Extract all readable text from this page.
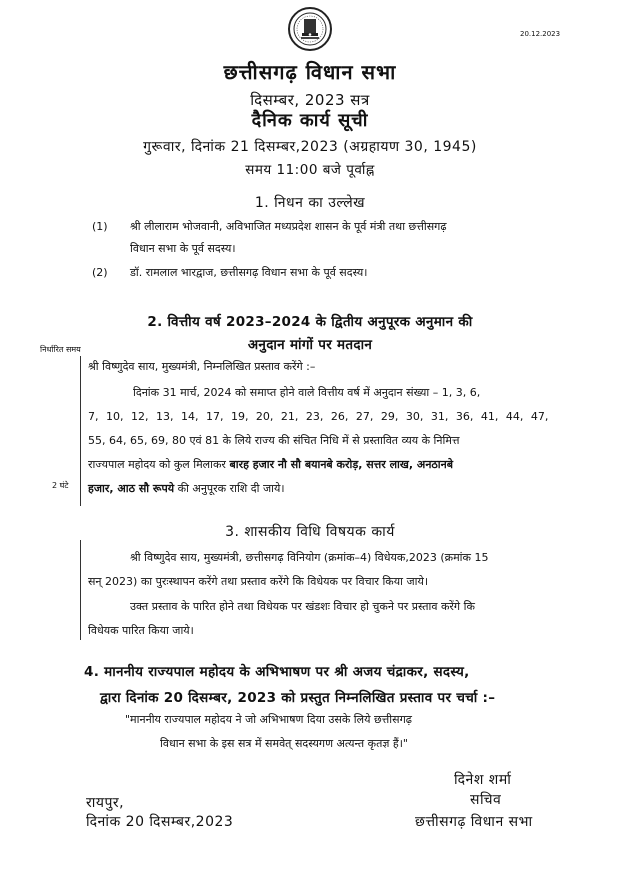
20.12.2023
छत्तीसगढ़ विधान सभा
दिसम्बर, 2023 सत्र
दैनिक कार्य सूची
गुरूवार, दिनांक 21 दिसम्बर,2023 (अग्रहायण 30, 1945)
समय 11:00 बजे पूर्वाह्न
1. निधन का उल्लेख
(1) श्री लीलाराम भोजवानी, अविभाजित मध्यप्रदेश शासन के पूर्व मंत्री तथा छत्तीसगढ़
विधान सभा के पूर्व सदस्य।
(2) डॉ. रामलाल भारद्वाज, छत्तीसगढ़ विधान सभा के पूर्व सदस्य।
2. वित्तीय वर्ष 2023–2024 के द्वितीय अनुपूरक अनुमान की
अनुदान मांगों पर मतदान
निर्धारित समय
2 घंटे
श्री विष्णुदेव साय, मुख्यमंत्री, निम्नलिखित प्रस्ताव करेंगे :–
दिनांक 31 मार्च, 2024 को समाप्त होने वाले वित्तीय वर्ष में अनुदान संख्या – 1, 3, 6,
7, 10, 12, 13, 14, 17, 19, 20, 21, 23, 26, 27, 29, 30, 31, 36, 41, 44, 47,
55, 64, 65, 69, 80 एवं 81 के लिये राज्य की संचित निधि में से प्रस्तावित व्यय के निमित्त
राज्यपाल महोदय को कुल मिलाकर बारह हजार नौ सौ बयानबे करोड़, सत्तर लाख, अनठानबे
हजार, आठ सौ रूपये की अनुपूरक राशि दी जाये।
3. शासकीय विधि विषयक कार्य
श्री विष्णुदेव साय, मुख्यमंत्री, छत्तीसगढ़ विनियोग (क्रमांक–4) विधेयक,2023 (क्रमांक 15
सन् 2023) का पुरःस्थापन करेंगे तथा प्रस्ताव करेंगे कि विधेयक पर विचार किया जाये।
उक्त प्रस्ताव के पारित होने तथा विधेयक पर खंडशः विचार हो चुकने पर प्रस्ताव करेंगे कि
विधेयक पारित किया जाये।
4. माननीय राज्यपाल महोदय के अभिभाषण पर श्री अजय चंद्राकर, सदस्य,
द्वारा दिनांक 20 दिसम्बर, 2023 को प्रस्तुत निम्नलिखित प्रस्ताव पर चर्चा :–
"माननीय राज्यपाल महोदय ने जो अभिभाषण दिया उसके लिये छत्तीसगढ़
विधान सभा के इस सत्र में समवेत् सदस्यगण अत्यन्त कृतज्ञ हैं।"
दिनेश शर्मा
सचिव
रायपुर,
दिनांक 20 दिसम्बर,2023	छत्तीसगढ़ विधान सभा
